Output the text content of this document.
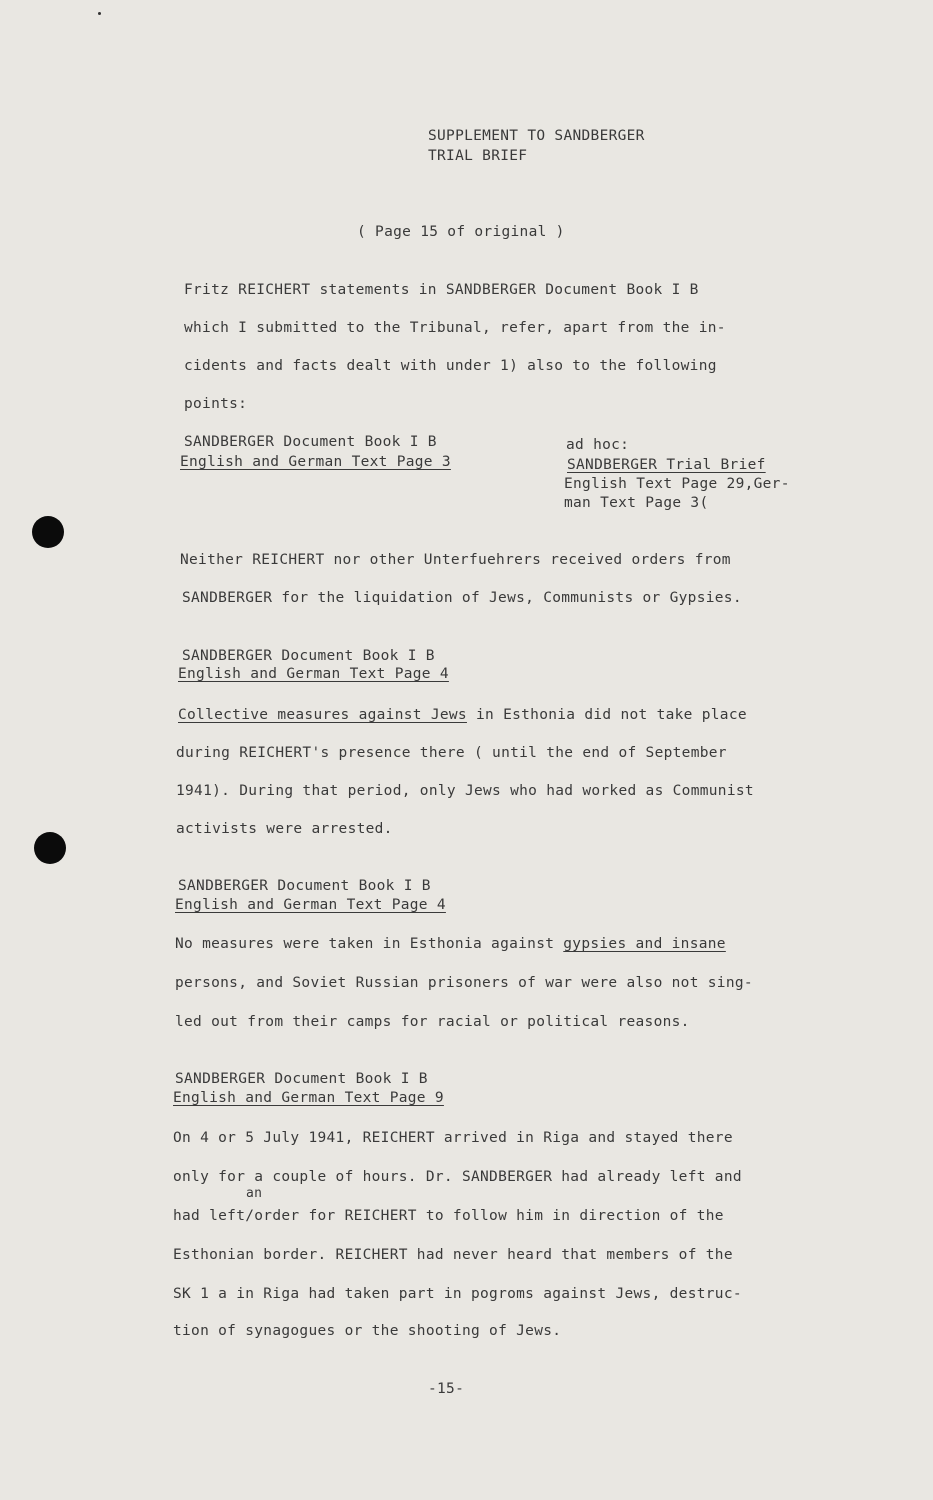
SUPPLEMENT TO SANDBERGER
TRIAL BRIEF
( Page 15 of original )
Fritz REICHERT statements in SANDBERGER Document Book I B
which I submitted to the Tribunal, refer, apart from the in-
cidents and facts dealt with under 1) also to the following
points:
SANDBERGER Document Book I B
English and German Text Page 3
ad hoc:
SANDBERGER Trial Brief
English Text Page 29,Ger-
man Text Page 3(
Neither REICHERT nor other Unterfuehrers received orders from
SANDBERGER for the liquidation of Jews, Communists or Gypsies.
SANDBERGER Document Book I B
English and German Text Page 4
Collective measures against Jews in Esthonia did not take place
during REICHERT's presence there ( until the end of September
1941). During that period, only Jews who had worked as Communist
activists were arrested.
SANDBERGER Document Book I B
English and German Text Page 4
No measures were taken in Esthonia against gypsies and insane
persons, and Soviet Russian prisoners of war were also not sing-
led out from their camps for racial or political reasons.
SANDBERGER Document Book I B
English and German Text Page 9
On 4 or 5 July 1941, REICHERT arrived in Riga and stayed there
only for a couple of hours. Dr. SANDBERGER had already left and
an
had left/order for REICHERT to follow him in direction of the
Esthonian border. REICHERT had never heard that members of the
SK 1 a in Riga had taken part in pogroms against Jews, destruc-
tion of synagogues or the shooting of Jews.
-15-
